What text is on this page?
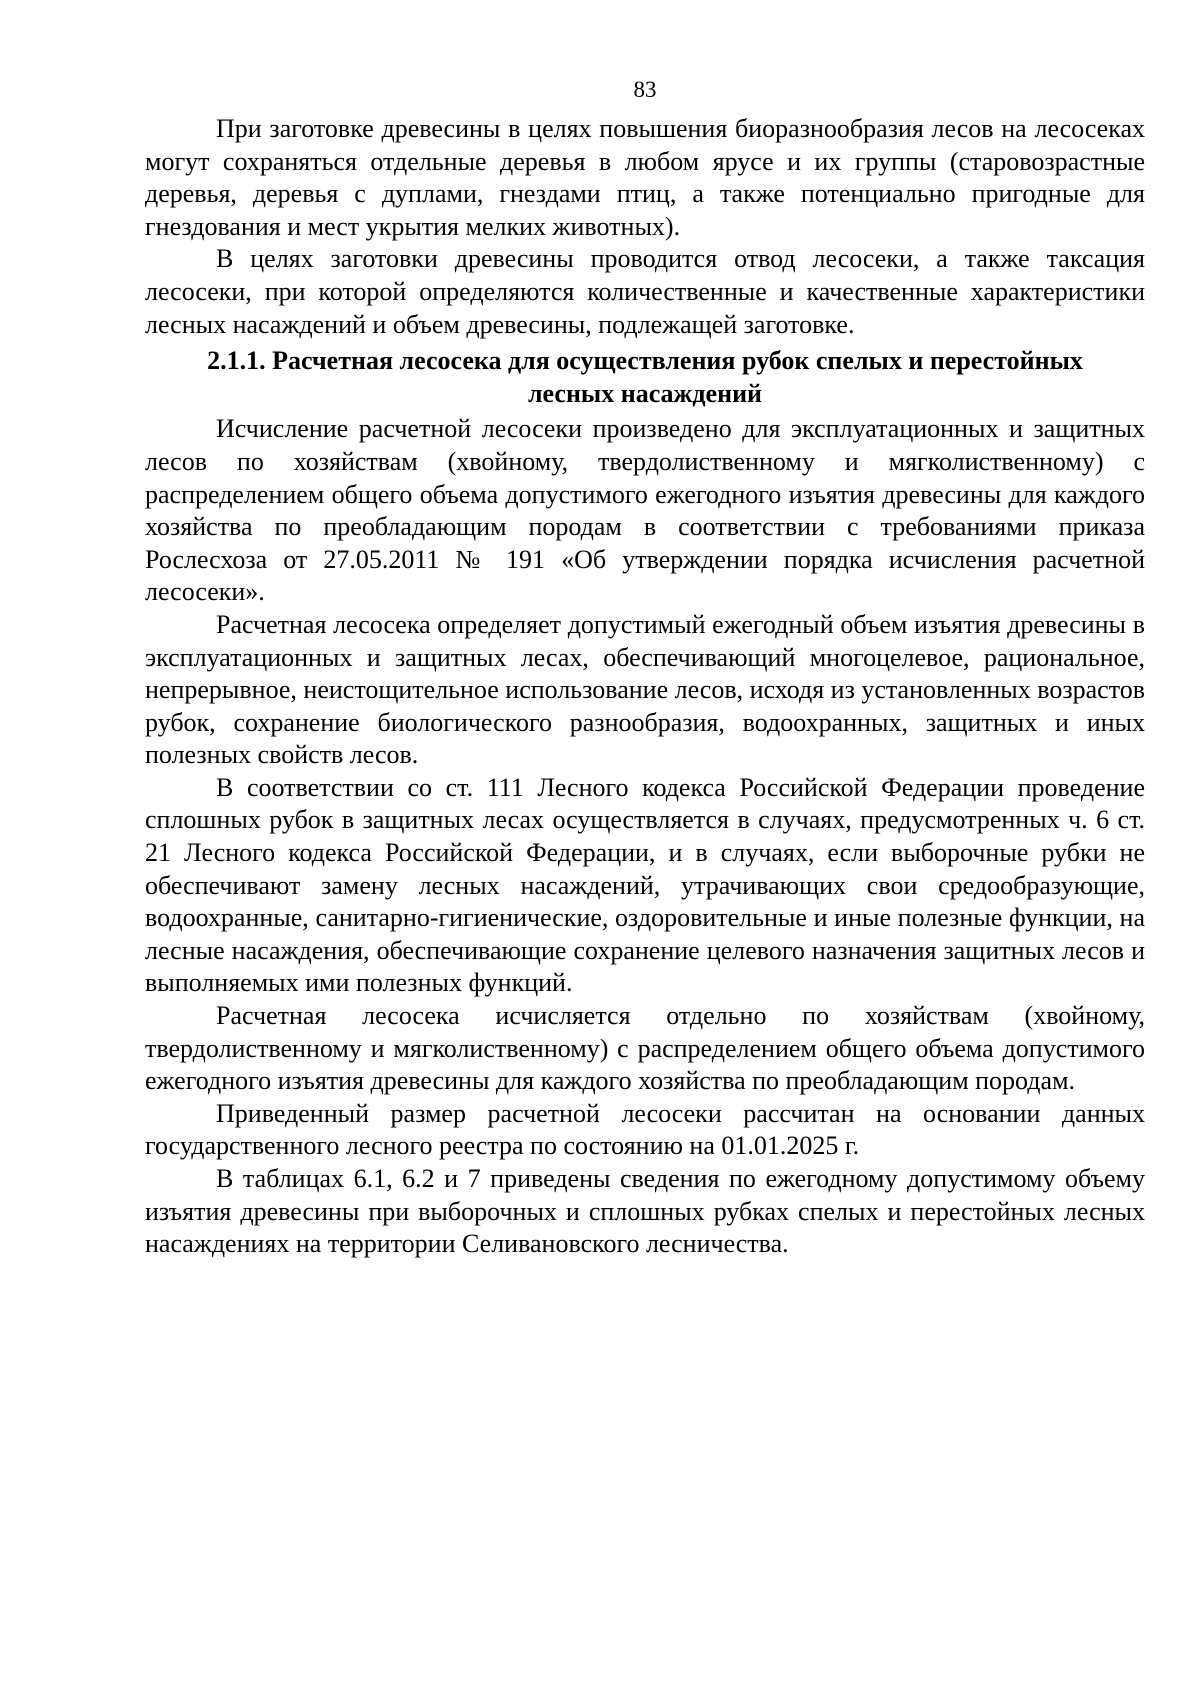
83

При заготовке древесины в целях повышения биоразнообразия лесов на лесосеках могут сохраняться отдельные деревья в любом ярусе и их группы (старовозрастные деревья, деревья с дуплами, гнездами птиц, а также потенциально пригодные для гнездования и мест укрытия мелких животных).

В целях заготовки древесины проводится отвод лесосеки, а также таксация лесосеки, при которой определяются количественные и качественные характеристики лесных насаждений и объем древесины, подлежащей заготовке.

2.1.1. Расчетная лесосека для осуществления рубок спелых и перестойных лесных насаждений

Исчисление расчетной лесосеки произведено для эксплуатационных и защитных лесов по хозяйствам (хвойному, твердолиственному и мягколиственному) с распределением общего объема допустимого ежегодного изъятия древесины для каждого хозяйства по преобладающим породам в соответствии с требованиями приказа Рослесхоза от 27.05.2011 № 191 «Об утверждении порядка исчисления расчетной лесосеки».

Расчетная лесосека определяет допустимый ежегодный объем изъятия древесины в эксплуатационных и защитных лесах, обеспечивающий многоцелевое, рациональное, непрерывное, неистощительное использование лесов, исходя из установленных возрастов рубок, сохранение биологического разнообразия, водоохранных, защитных и иных полезных свойств лесов.

В соответствии со ст. 111 Лесного кодекса Российской Федерации проведение сплошных рубок в защитных лесах осуществляется в случаях, предусмотренных ч. 6 ст. 21 Лесного кодекса Российской Федерации, и в случаях, если выборочные рубки не обеспечивают замену лесных насаждений, утрачивающих свои средообразующие, водоохранные, санитарно-гигиенические, оздоровительные и иные полезные функции, на лесные насаждения, обеспечивающие сохранение целевого назначения защитных лесов и выполняемых ими полезных функций.

Расчетная лесосека исчисляется отдельно по хозяйствам (хвойному, твердолиственному и мягколиственному) с распределением общего объема допустимого ежегодного изъятия древесины для каждого хозяйства по преобладающим породам.

Приведенный размер расчетной лесосеки рассчитан на основании данных государственного лесного реестра по состоянию на 01.01.2025 г.

В таблицах 6.1, 6.2 и 7 приведены сведения по ежегодному допустимому объему изъятия древесины при выборочных и сплошных рубках спелых и перестойных лесных насаждениях на территории Селивановского лесничества.
